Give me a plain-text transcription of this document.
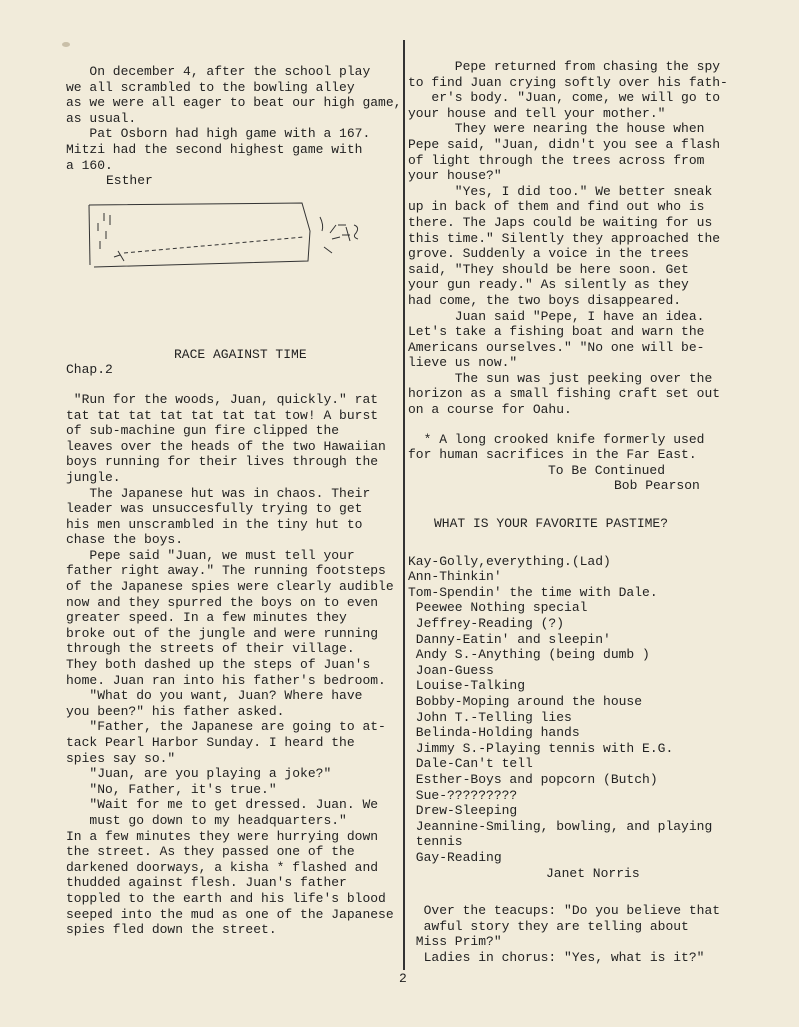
On december 4, after the school play

we all scrambled to the bowling alley

as we were all eager to beat our high game,

as usual.

Pat Osborn had high game with a 167.

Mitzi had the second highest game with

a 160.

Esther

RACE AGAINST TIME

Chap.2

"Run for the woods, Juan, quickly." rat

tat tat tat tat tat tat tat tow! A burst

of sub-machine gun fire clipped the

leaves over the heads of the two Hawaiian

boys running for their lives through the

jungle.

The Japanese hut was in chaos. Their

leader was unsuccesfully trying to get

his men unscrambled in the tiny hut to

chase the boys.

Pepe said "Juan, we must tell your

father right away." The running footsteps

of the Japanese spies were clearly audible

now and they spurred the boys on to even

greater speed. In a few minutes they

broke out of the jungle and were running

through the streets of their village.

They both dashed up the steps of Juan's

home. Juan ran into his father's bedroom.

"What do you want, Juan? Where have

you been?" his father asked.

"Father, the Japanese are going to at-

tack Pearl Harbor Sunday. I heard the

spies say so."

"Juan, are you playing a joke?"

"No, Father, it's true."

"Wait for me to get dressed. Juan. We

must go down to my headquarters."

In a few minutes they were hurrying down

the street. As they passed one of the

darkened doorways, a kisha * flashed and

thudded against flesh. Juan's father

toppled to the earth and his life's blood

seeped into the mud as one of the Japanese

spies fled down the street.

Pepe returned from chasing the spy

to find Juan crying softly over his fath-

er's body. "Juan, come, we will go to

your house and tell your mother."

They were nearing the house when

Pepe said, "Juan, didn't you see a flash

of light through the trees across from

your house?"

"Yes, I did too." We better sneak

up in back of them and find out who is

there. The Japs could be waiting for us

this time." Silently they approached the

grove. Suddenly a voice in the trees

said, "They should be here soon. Get

your gun ready." As silently as they

had come, the two boys disappeared.

Juan said "Pepe, I have an idea.

Let's take a fishing boat and warn the

Americans ourselves." "No one will be-

lieve us now."

The sun was just peeking over the

horizon as a small fishing craft set out

on a course for Oahu.

* A long crooked knife formerly used

for human sacrifices in the Far East.

To Be Continued

Bob Pearson

WHAT IS YOUR FAVORITE PASTIME?

Kay-Golly,everything.(Lad)

Ann-Thinkin'

Tom-Spendin' the time with Dale.

Peewee Nothing special

Jeffrey-Reading (?)

Danny-Eatin' and sleepin'

Andy S.-Anything (being dumb )

Joan-Guess

Louise-Talking

Bobby-Moping around the house

John T.-Telling lies

Belinda-Holding hands

Jimmy S.-Playing tennis with E.G.

Dale-Can't tell

Esther-Boys and popcorn (Butch)

Sue-?????????

Drew-Sleeping

Jeannine-Smiling, bowling, and playing

tennis

Gay-Reading

Janet Norris

Over the teacups: "Do you believe that

awful story they are telling about

Miss Prim?"

Ladies in chorus: "Yes, what is it?"

2
